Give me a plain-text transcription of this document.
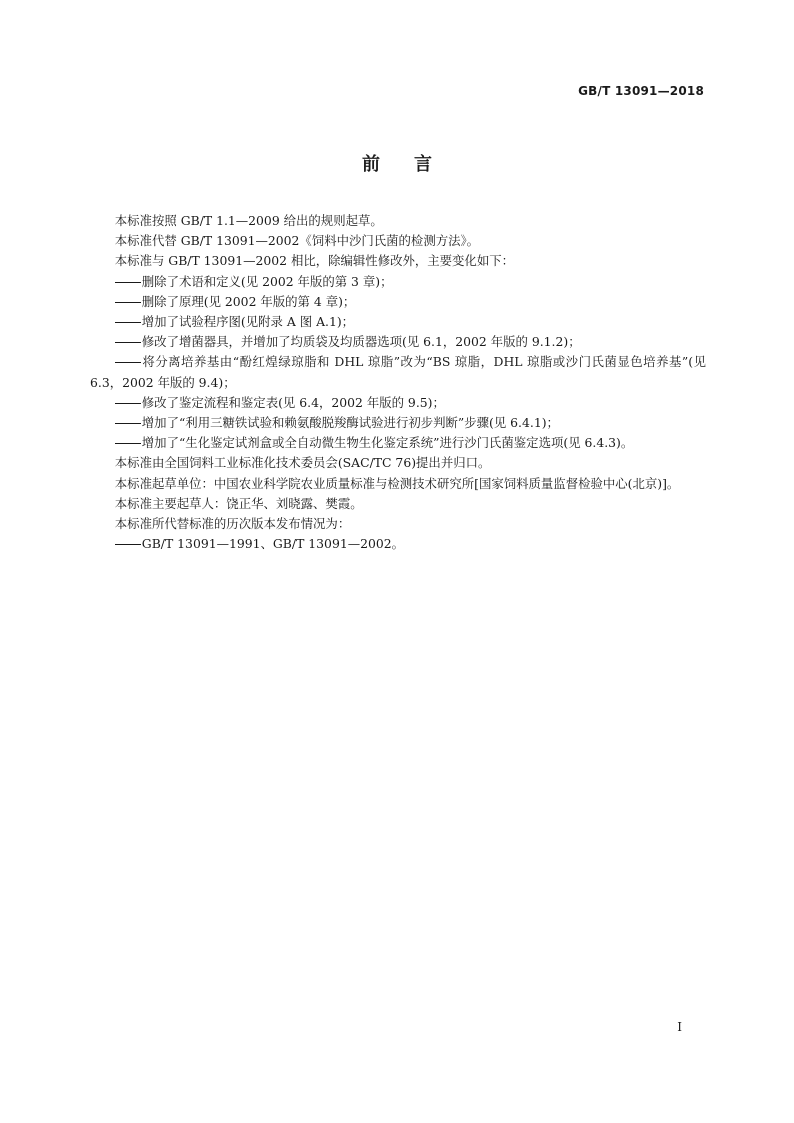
GB/T 13091—2018
前言

本标准按照 GB/T 1.1—2009 给出的规则起草。

本标准代替 GB/T 13091—2002《饲料中沙门氏菌的检测方法》。

本标准与 GB/T 13091—2002 相比，除编辑性修改外，主要变化如下：

删除了术语和定义(见 2002 年版的第 3 章)；

删除了原理(见 2002 年版的第 4 章)；

增加了试验程序图(见附录 A 图 A.1)；

修改了增菌器具，并增加了均质袋及均质器选项(见 6.1，2002 年版的 9.1.2)；

将分离培养基由“酚红煌绿琼脂和 DHL 琼脂”改为“BS 琼脂，DHL 琼脂或沙门氏菌显色培养基”(见 6.3，2002 年版的 9.4)；

修改了鉴定流程和鉴定表(见 6.4，2002 年版的 9.5)；

增加了“利用三糖铁试验和赖氨酸脱羧酶试验进行初步判断”步骤(见 6.4.1)；

增加了“生化鉴定试剂盒或全自动微生物生化鉴定系统”进行沙门氏菌鉴定选项(见 6.4.3)。

本标准由全国饲料工业标准化技术委员会(SAC/TC 76)提出并归口。

本标准起草单位：中国农业科学院农业质量标准与检测技术研究所[国家饲料质量监督检验中心(北京)]。

本标准主要起草人：饶正华、刘晓露、樊霞。

本标准所代替标准的历次版本发布情况为：

GB/T 13091—1991、GB/T 13091—2002。

I
